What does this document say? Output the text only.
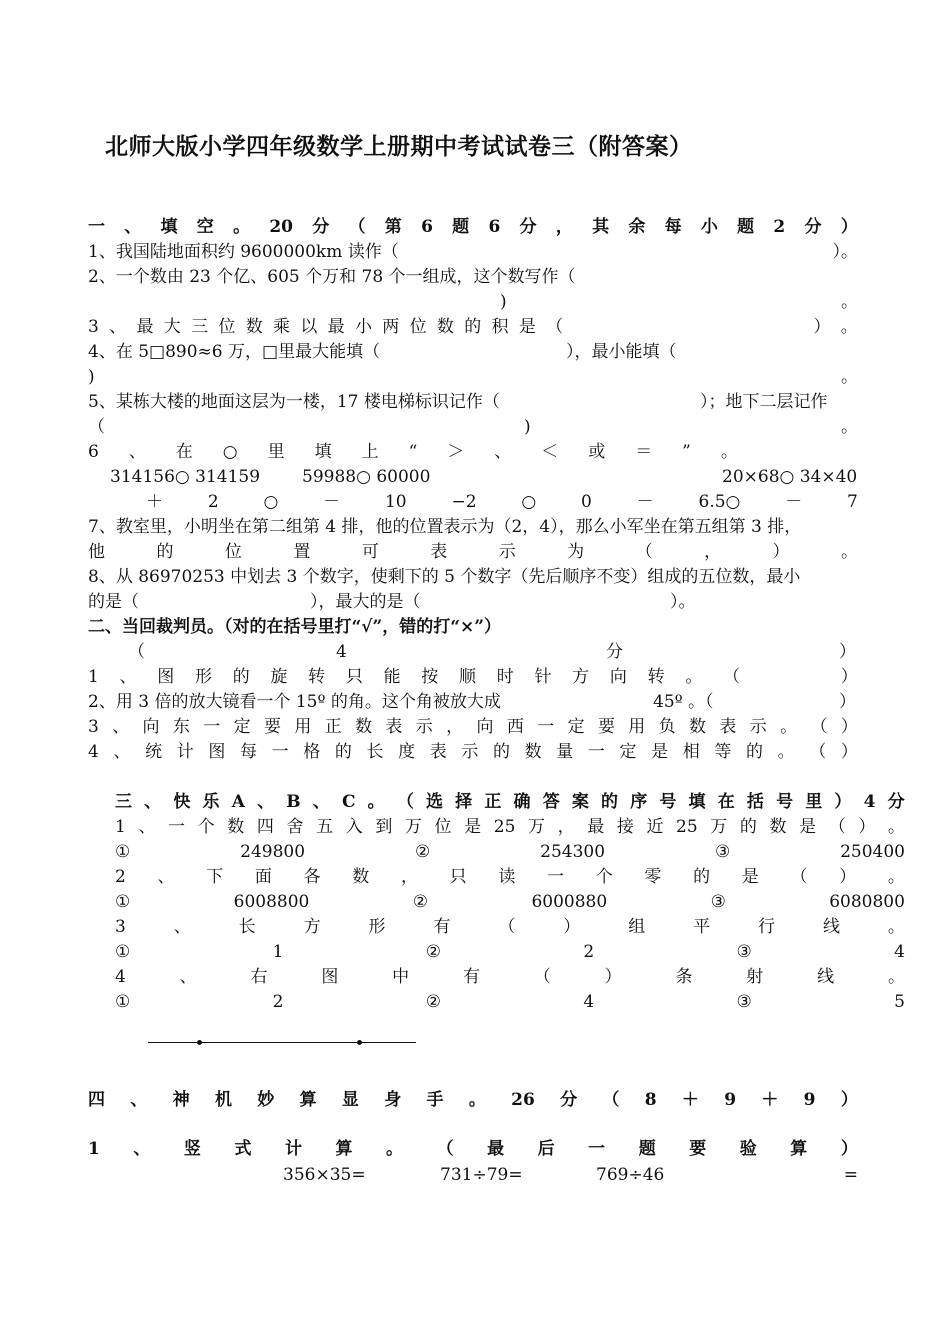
北师大版小学四年级数学上册期中考试试卷三（附答案）
一 、 填 空 。 20 分 （ 第 6 题 6 分 ， 其 余 每 小 题 2 分 ）
1、我国陆地面积约 9600000km 读作（	）。
2、一个数由 23 个亿、605 个万和 78 个一组成，这个数写作（
)	。
3 、 最 大 三 位 数 乘 以 最 小 两 位 数 的 积 是 （	） 。
4、在 5□890≈6 万，□里最大能填（	），最小能填（
)	。
5、某栋大楼的地面这层为一楼，17 楼电梯标识记作（	）；地下二层记作
（	)	。
6 、 在 ○ 里 填 上 “ ＞ 、 ＜ 或 ＝ ” 。
314156○ 314159 59988○ 60000	20×68○ 34×40
＋	2	○	－	10	−2	○	0	－	6.5○	－	7
7、教室里，小明坐在第二组第 4 排，他的位置表示为（2，4），那么小军坐在第五组第 3 排，
他	的	位	置	可	表	示	为	（	，	）	。
8、从 86970253 中划去 3 个数字，使剩下的 5 个数字（先后顺序不变）组成的五位数，最小
的是（	），最大的是（	）。
二、当回裁判员。（对的在括号里打“√”，错的打“×”）
（	4	分	）
1 、 图 形 的 旋 转 只 能 按 顺 时 针 方 向 转 。 （	）
2、用 3 倍的放大镜看一个 15º 的角。这个角被放大成	45º 。（	）
3 、 向 东 一 定 要 用 正 数 表 示 ， 向 西 一 定 要 用 负 数 表 示 。 （ ）
4 、 统 计 图 每 一 格 的 长 度 表 示 的 数 量 一 定 是 相 等 的 。 （ ）
三 、 快 乐 A 、 B 、 C 。 （ 选 择 正 确 答 案 的 序 号 填 在 括 号 里 ） 4 分
1 、 一 个 数 四 舍 五 入 到 万 位 是 25 万 ， 最 接 近 25 万 的 数 是 （ ） 。
①	249800	②	254300	③	250400
2 、 下 面 各 数 ， 只 读 一 个 零 的 是 （ ） 。
①	6008800	②	6000880	③	6080800
3	、	长	方	形	有	（	）	组	平	行	线	。
①	1	②	2	③	4
4	、	右	图	中	有	（	）	条	射	线	。
①	2	②	4	③	5
四 、 神 机 妙 算 显 身 手 。 26 分 （ 8 ＋ 9 ＋ 9 ）
1 、 竖 式 计 算 。 （ 最 后 一 题 要 验 算 ）
356×35=	731÷79=	769÷46	=
